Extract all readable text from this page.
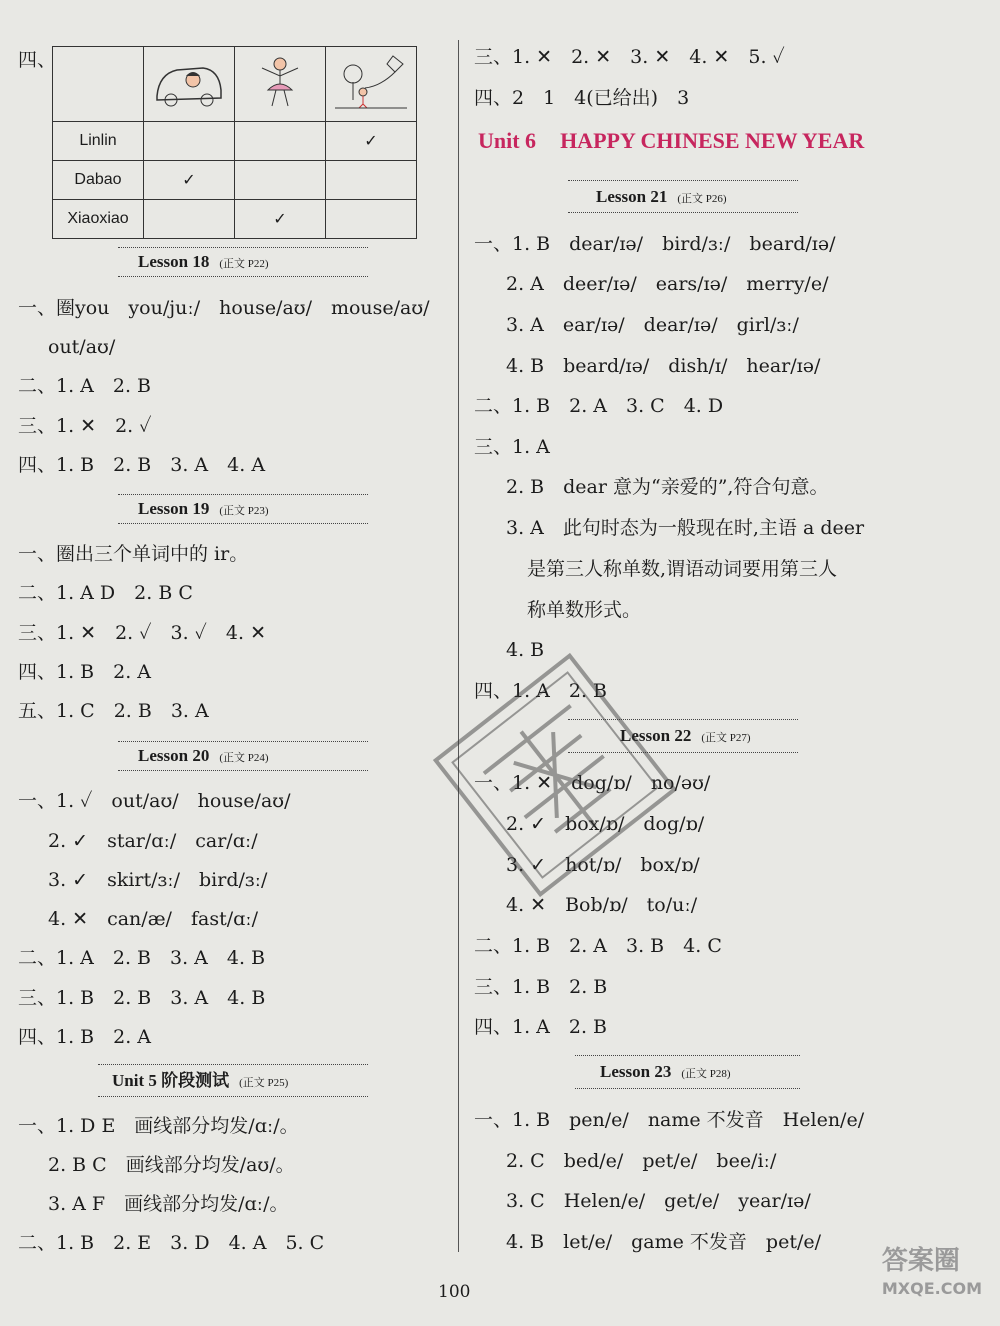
四、

Linlin			✓
Dabao	✓		
Xiaoxiao		✓	
Lesson 18 (正文 P22)
一、圈you　you/juː/　house/aʊ/　mouse/aʊ/
out/aʊ/
二、1. A　2. B
三、1. ✕　2. ✓
四、1. B　2. B　3. A　4. A
Lesson 19 (正文 P23)
一、圈出三个单词中的 ir。
二、1. A D　2. B C
三、1. ✕　2. ✓　3. ✓　4. ✕
四、1. B　2. A
五、1. C　2. B　3. A
Lesson 20 (正文 P24)
一、1. ✓　out/aʊ/　house/aʊ/
2. ✓　star/ɑː/　car/ɑː/
3. ✓　skirt/ɜː/　bird/ɜː/
4. ✕　can/æ/　fast/ɑː/
二、1. A　2. B　3. A　4. B
三、1. B　2. B　3. A　4. B
四、1. B　2. A
Unit 5 阶段测试 (正文 P25)
一、1. D E　画线部分均发/ɑː/。
2. B C　画线部分均发/aʊ/。
3. A F　画线部分均发/ɑː/。
二、1. B　2. E　3. D　4. A　5. C
三、1. ✕　2. ✕　3. ✕　4. ✕　5. ✓
四、2　1　4(已给出)　3
Unit 6 HAPPY CHINESE NEW YEAR
Lesson 21 (正文 P26)
一、1. B　dear/ɪə/　bird/ɜː/　beard/ɪə/
2. A　deer/ɪə/　ears/ɪə/　merry/e/
3. A　ear/ɪə/　dear/ɪə/　girl/ɜː/
4. B　beard/ɪə/　dish/ɪ/　hear/ɪə/
二、1. B　2. A　3. C　4. D
三、1. A
2. B　dear 意为“亲爱的”,符合句意。
3. A　此句时态为一般现在时,主语 a deer
是第三人称单数,谓语动词要用第三人
称单数形式。
4. B
四、1. A　2. B
Lesson 22 (正文 P27)
一、1. ✕　dog/ɒ/　no/əʊ/
2. ✓　box/ɒ/　dog/ɒ/
3. ✓　hot/ɒ/　box/ɒ/
4. ✕　Bob/ɒ/　to/uː/
二、1. B　2. A　3. B　4. C
三、1. B　2. B
四、1. A　2. B
Lesson 23 (正文 P28)
一、1. B　pen/e/　name 不发音　Helen/e/
2. C　bed/e/　pet/e/　bee/iː/
3. C　Helen/e/　get/e/　year/ɪə/
4. B　let/e/　game 不发音　pet/e/
100
答案圈
MXQE.COM
